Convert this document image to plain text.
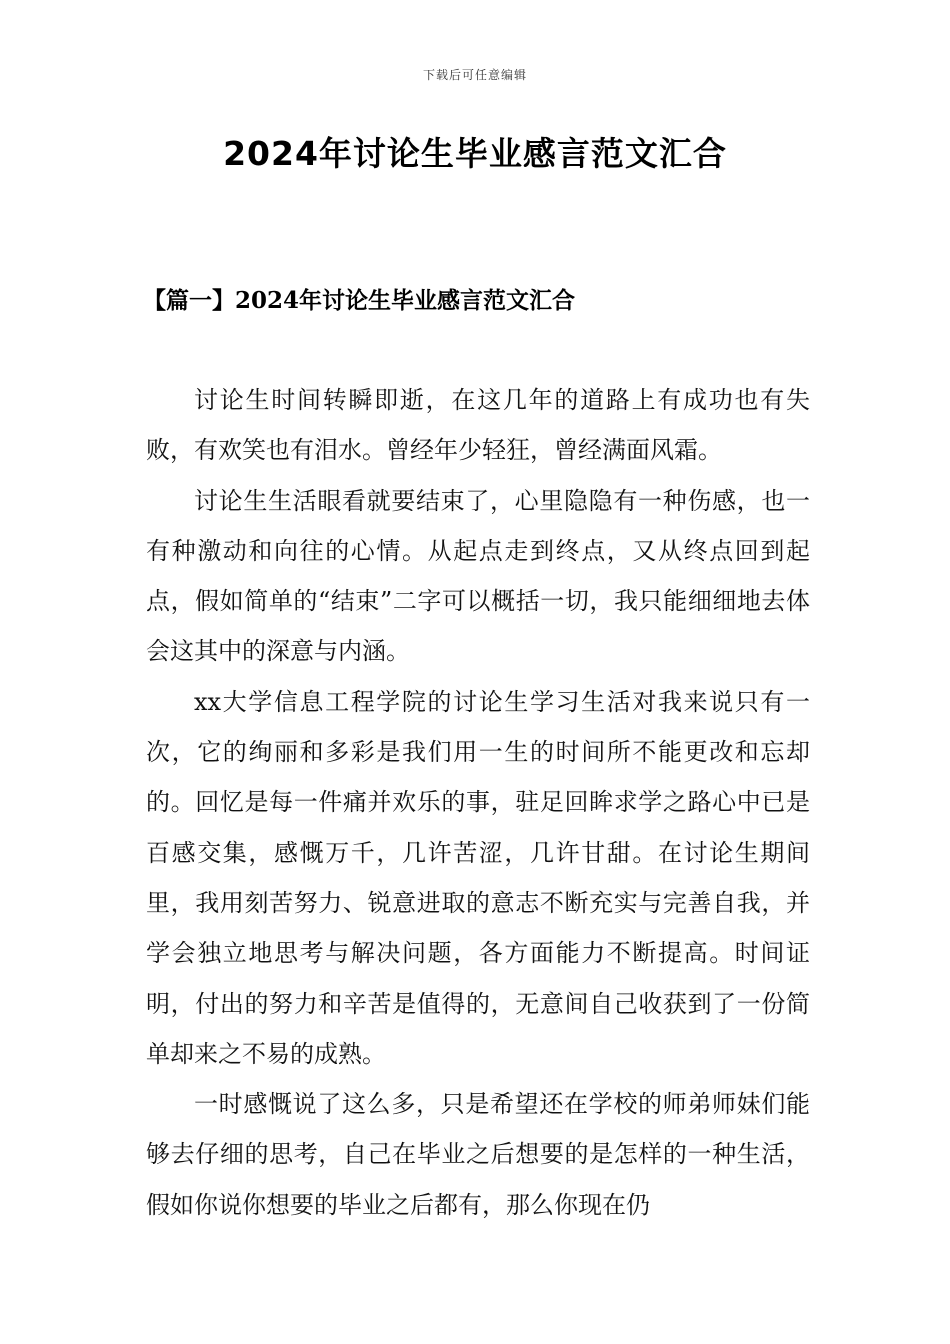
下载后可任意编辑
2024年讨论生毕业感言范文汇合
【篇一】2024年讨论生毕业感言范文汇合

讨论生时间转瞬即逝，在这几年的道路上有成功也有失败，有欢笑也有泪水。曾经年少轻狂，曾经满面风霜。

讨论生生活眼看就要结束了，心里隐隐有一种伤感，也一有种激动和向往的心情。从起点走到终点，又从终点回到起点，假如简单的“结束”二字可以概括一切，我只能细细地去体会这其中的深意与内涵。

xx大学信息工程学院的讨论生学习生活对我来说只有一次，它的绚丽和多彩是我们用一生的时间所不能更改和忘却的。回忆是每一件痛并欢乐的事，驻足回眸求学之路心中已是百感交集，感慨万千，几许苦涩，几许甘甜。在讨论生期间里，我用刻苦努力、锐意进取的意志不断充实与完善自我，并学会独立地思考与解决问题，各方面能力不断提高。时间证明，付出的努力和辛苦是值得的，无意间自己收获到了一份简单却来之不易的成熟。

一时感慨说了这么多，只是希望还在学校的师弟师妹们能够去仔细的思考，自己在毕业之后想要的是怎样的一种生活，假如你说你想要的毕业之后都有，那么你现在仍
